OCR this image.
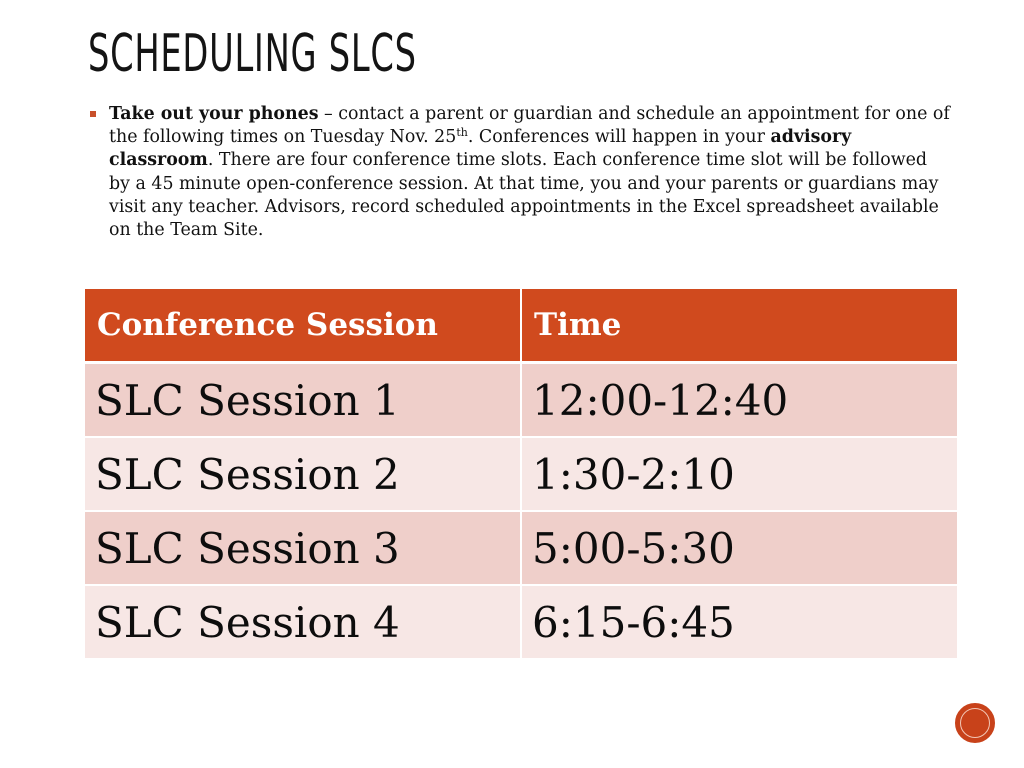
SCHEDULING SLCS
Take out your phones – contact a parent or guardian and schedule an appointment for one of the following times on Tuesday Nov. 25th. Conferences will happen in your advisory classroom. There are four conference time slots. Each conference time slot will be followed by a 45 minute open-conference session. At that time, you and your parents or guardians may visit any teacher. Advisors, record scheduled appointments in the Excel spreadsheet available on the Team Site.
Conference Session	Time
SLC Session 1	12:00-12:40
SLC Session 2	1:30-2:10
SLC Session 3	5:00-5:30
SLC Session 4	6:15-6:45
